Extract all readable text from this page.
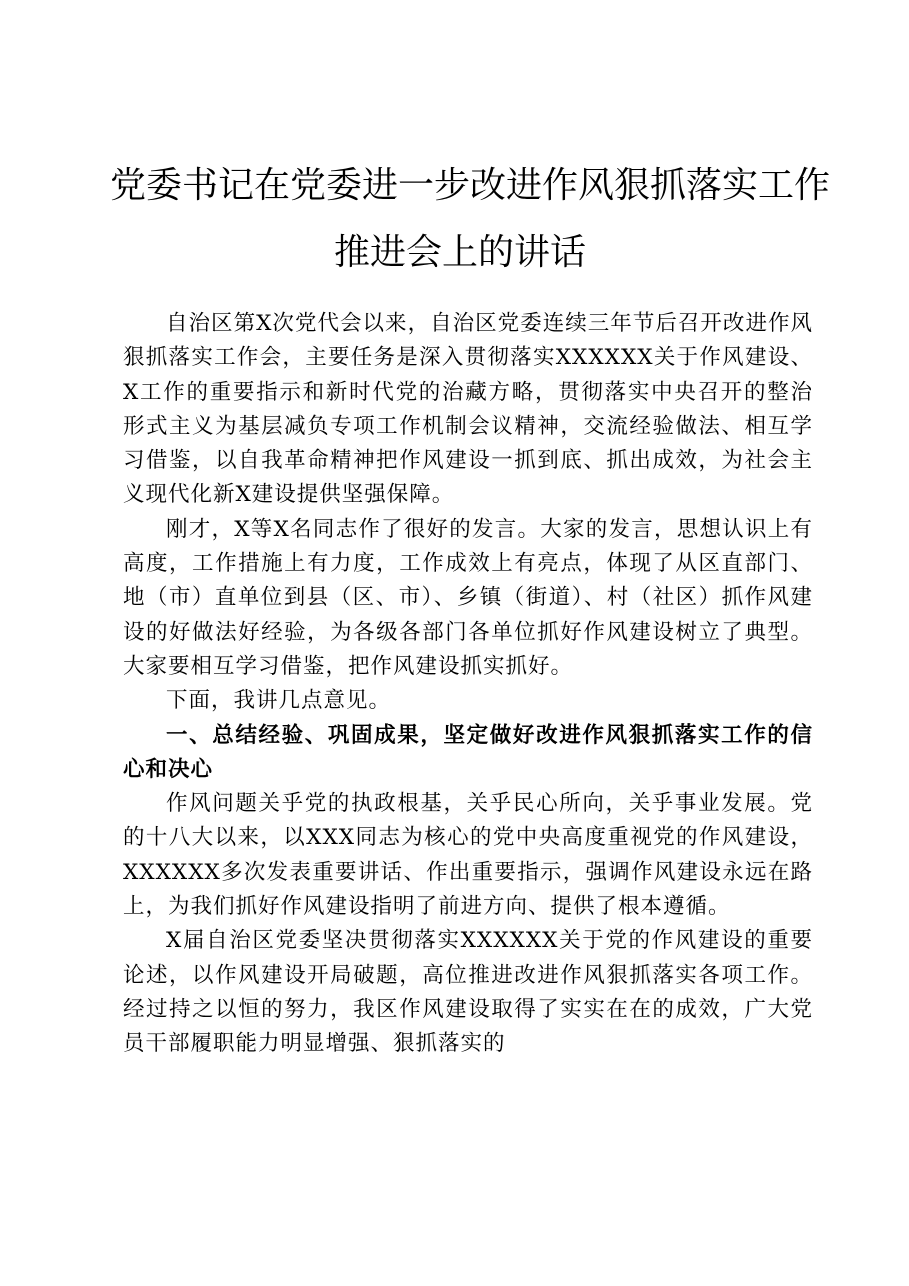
党委书记在党委进一步改进作风狠抓落实工作
推进会上的讲话

自治区第X次党代会以来，自治区党委连续三年节后召开改进作风狠抓落实工作会，主要任务是深入贯彻落实XXXXXX关于作风建设、X工作的重要指示和新时代党的治藏方略，贯彻落实中央召开的整治形式主义为基层减负专项工作机制会议精神，交流经验做法、相互学习借鉴，以自我革命精神把作风建设一抓到底、抓出成效，为社会主义现代化新X建设提供坚强保障。

刚才，X等X名同志作了很好的发言。大家的发言，思想认识上有高度，工作措施上有力度，工作成效上有亮点，体现了从区直部门、地（市）直单位到县（区、市）、乡镇（街道）、村（社区）抓作风建设的好做法好经验，为各级各部门各单位抓好作风建设树立了典型。大家要相互学习借鉴，把作风建设抓实抓好。

下面，我讲几点意见。

一、总结经验、巩固成果，坚定做好改进作风狠抓落实工作的信心和决心

作风问题关乎党的执政根基，关乎民心所向，关乎事业发展。党的十八大以来，以XXX同志为核心的党中央高度重视党的作风建设，XXXXXX多次发表重要讲话、作出重要指示，强调作风建设永远在路上，为我们抓好作风建设指明了前进方向、提供了根本遵循。

X届自治区党委坚决贯彻落实XXXXXX关于党的作风建设的重要论述，以作风建设开局破题，高位推进改进作风狠抓落实各项工作。经过持之以恒的努力，我区作风建设取得了实实在在的成效，广大党员干部履职能力明显增强、狠抓落实的
